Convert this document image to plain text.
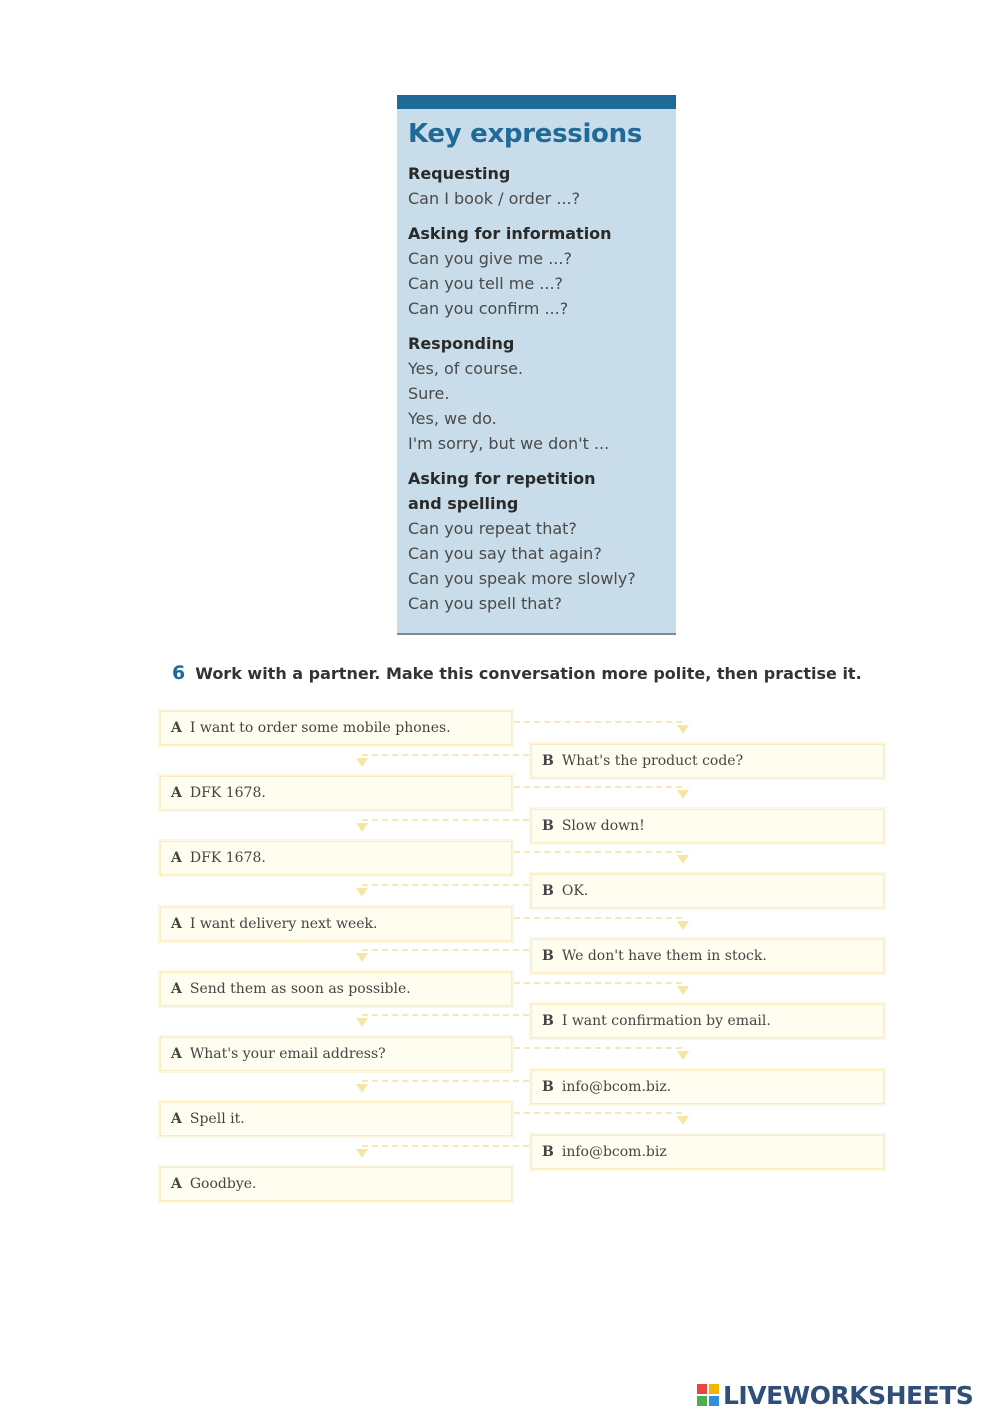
Key expressions
Requesting
Can I book / order ...?
Asking for information
Can you give me ...?
Can you tell me ...?
Can you confirm ...?
Responding
Yes, of course.
Sure.
Yes, we do.
I'm sorry, but we don't ...
Asking for repetition and spelling
Can you repeat that?
Can you say that again?
Can you speak more slowly?
Can you spell that?
6 Work with a partner. Make this conversation more polite, then practise it.
A I want to order some mobile phones.
B What's the product code?
A DFK 1678.
B Slow down!
A DFK 1678.
B OK.
A I want delivery next week.
B We don't have them in stock.
A Send them as soon as possible.
B I want confirmation by email.
A What's your email address?
B info@bcom.biz.
A Spell it.
B info@bcom.biz
A Goodbye.
LIVEWORKSHEETS
